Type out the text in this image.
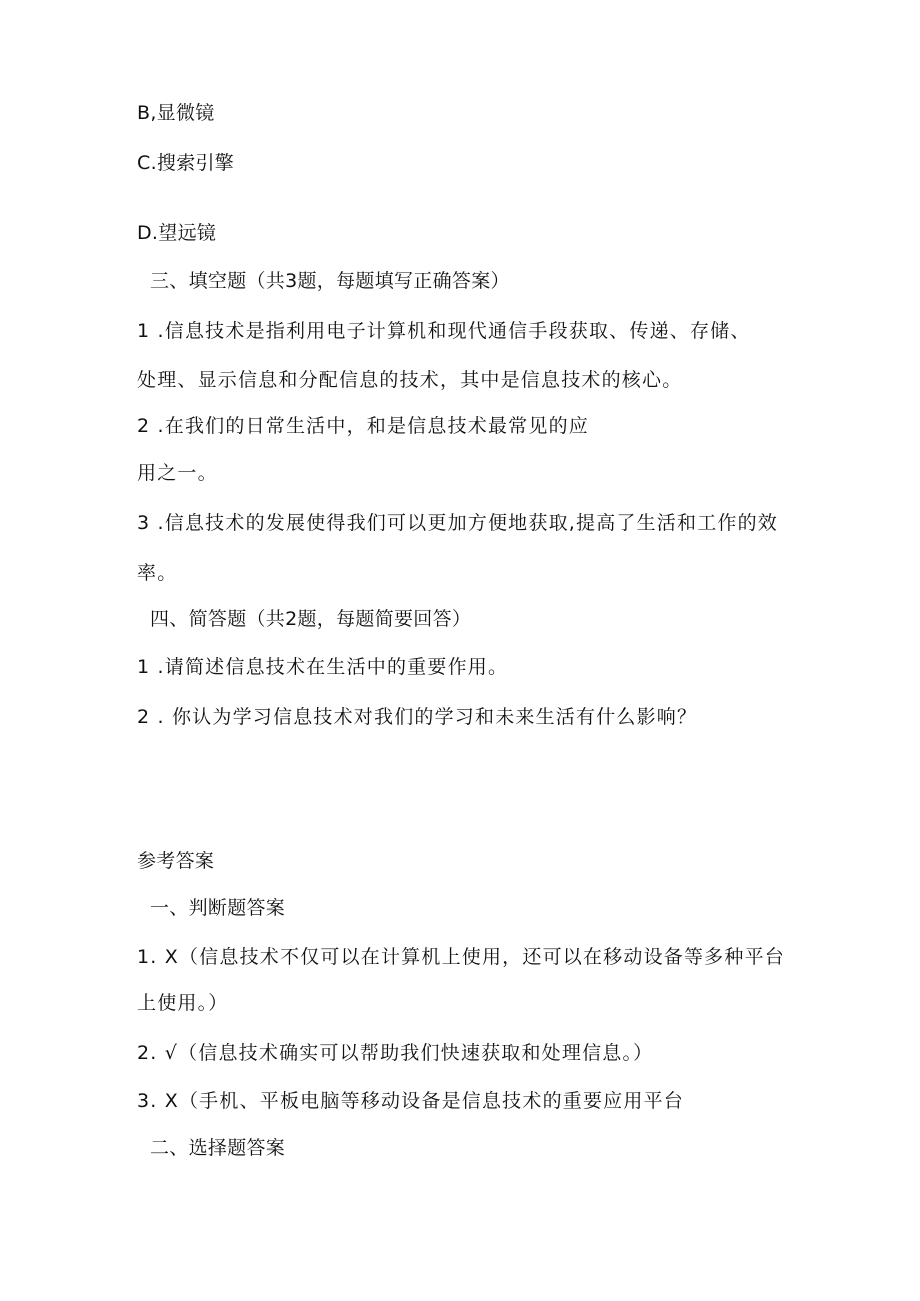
B,显微镜
C.搜索引擎
D.望远镜
三、填空题（共3题，每题填写正确答案）
1 .信息技术是指利用电子计算机和现代通信手段获取、传递、存储、
处理、显示信息和分配信息的技术，其中是信息技术的核心。
2 .在我们的日常生活中，和是信息技术最常见的应
用之一。
3 .信息技术的发展使得我们可以更加方便地获取,提高了生活和工作的效
率。
四、简答题（共2题，每题简要回答）
1 .请简述信息技术在生活中的重要作用。
2 . 你认为学习信息技术对我们的学习和未来生活有什么影响？
参考答案
一、判断题答案
1. X（信息技术不仅可以在计算机上使用，还可以在移动设备等多种平台
上使用。）
2. √（信息技术确实可以帮助我们快速获取和处理信息。）
3. X（手机、平板电脑等移动设备是信息技术的重要应用平台
二、选择题答案
